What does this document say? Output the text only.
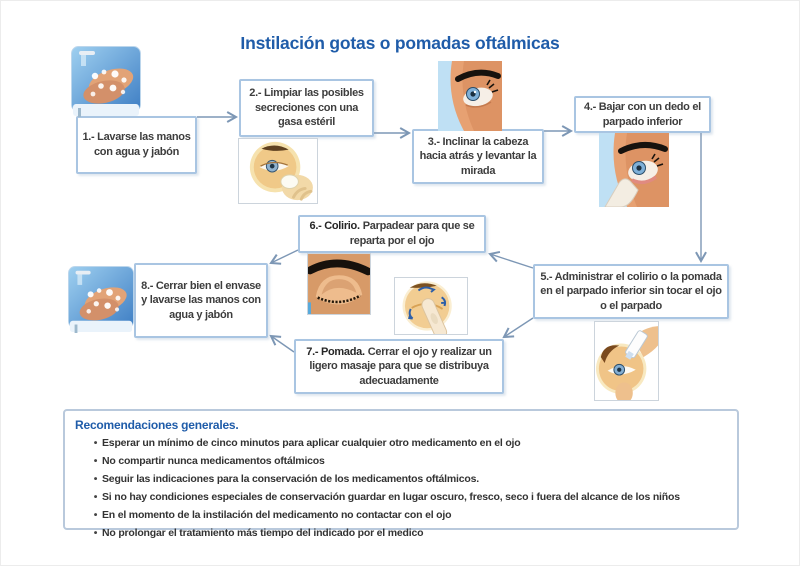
Instilación gotas o pomadas oftálmicas
1.- Lavarse las manos con agua y jabón
2.- Limpiar las posibles secreciones con una gasa estéril
3.- Inclinar la cabeza hacia atrás y levantar la mirada
4.- Bajar con un dedo el parpado inferior
5.- Administrar el colirio o la pomada en el parpado inferior sin tocar el ojo o el parpado
6.- Colirio. Parpadear para que se reparta por el ojo
7.- Pomada. Cerrar el ojo y realizar un ligero masaje para que se distribuya adecuadamente
8.- Cerrar bien el envase y lavarse las manos con agua y jabón
Recomendaciones generales.
• Esperar un mínimo de cinco minutos para aplicar cualquier otro medicamento en el ojo
• No compartir nunca medicamentos oftálmicos
• Seguir las indicaciones para la conservación de los medicamentos oftálmicos.
• Si no hay condiciones especiales de conservación guardar en lugar oscuro, fresco, seco i fuera del alcance de los niños
• En el momento de la instilación del medicamento no contactar con el ojo
• No prolongar el tratamiento más tiempo del indicado por el medico
